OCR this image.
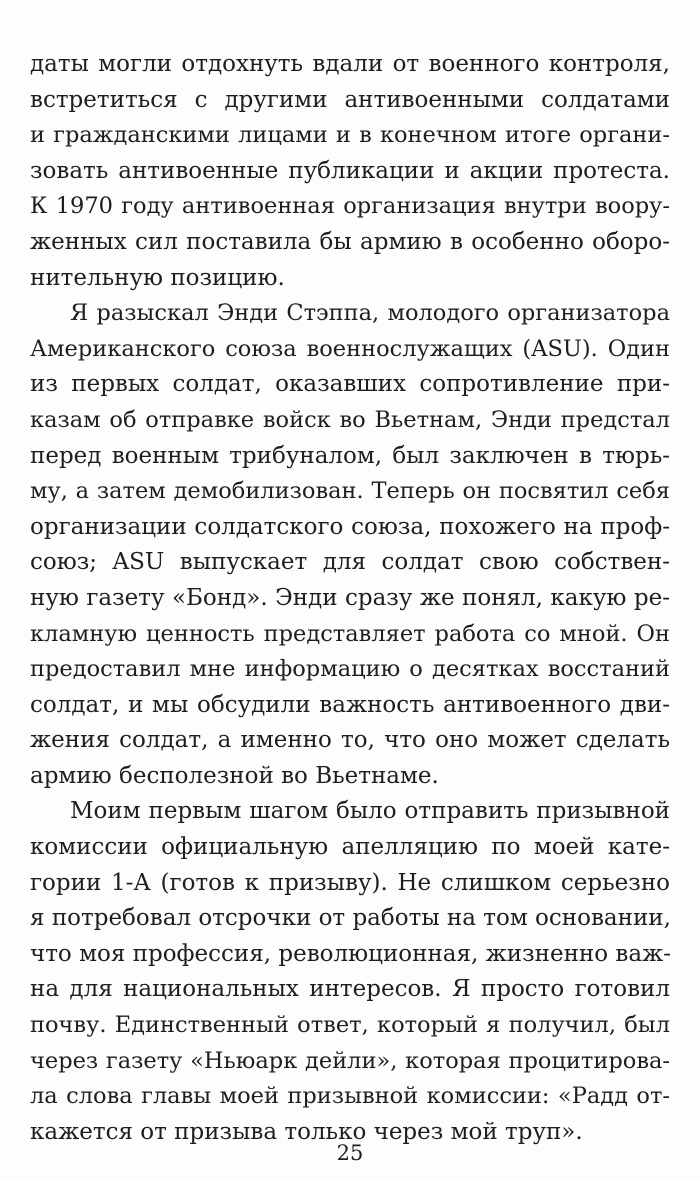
даты могли отдохнуть вдали от военного контроля,
встретиться с другими антивоенными солдатами
и гражданскими лицами и в конечном итоге органи-
зовать антивоенные публикации и акции протеста.
К 1970 году антивоенная организация внутри воору-
женных сил поставила бы армию в особенно оборо-
нительную позицию.
Я разыскал Энди Стэппа, молодого организатора
Американского союза военнослужащих (ASU). Один
из первых солдат, оказавших сопротивление при-
казам об отправке войск во Вьетнам, Энди предстал
перед военным трибуналом, был заключен в тюрь-
му, а затем демобилизован. Теперь он посвятил себя
организации солдатского союза, похожего на проф-
союз; ASU выпускает для солдат свою собствен-
ную газету «Бонд». Энди сразу же понял, какую ре-
кламную ценность представляет работа со мной. Он
предоставил мне информацию о десятках восстаний
солдат, и мы обсудили важность антивоенного дви-
жения солдат, а именно то, что оно может сделать
армию бесполезной во Вьетнаме.
Моим первым шагом было отправить призывной
комиссии официальную апелляцию по моей кате-
гории 1-А (готов к призыву). Не слишком серьезно
я потребовал отсрочки от работы на том основании,
что моя профессия, революционная, жизненно важ-
на для национальных интересов. Я просто готовил
почву. Единственный ответ, который я получил, был
через газету «Ньюарк дейли», которая процитирова-
ла слова главы моей призывной комиссии: «Радд от-
кажется от призыва только через мой труп».
25
